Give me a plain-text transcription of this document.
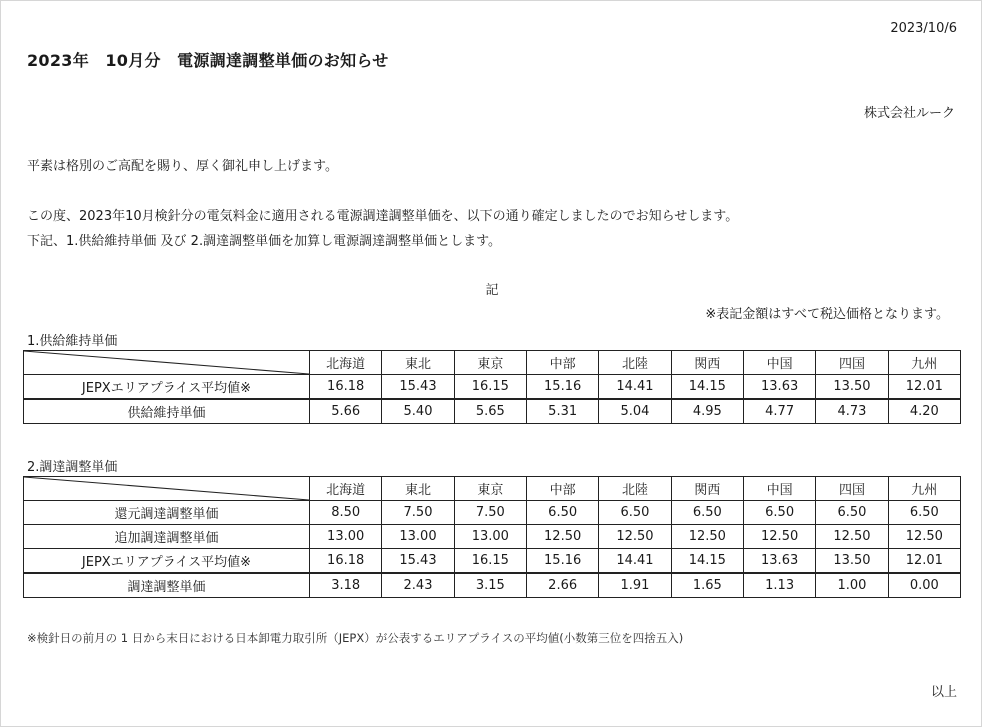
2023/10/6
2023年　10月分　電源調達調整単価のお知らせ
株式会社ルーク
平素は格別のご高配を賜り、厚く御礼申し上げます。
この度、2023年10月検針分の電気料金に適用される電源調達調整単価を、以下の通り確定しましたのでお知らせします。
下記、1.供給維持単価 及び 2.調達調整単価を加算し電源調達調整単価とします。
記
※表記金額はすべて税込価格となります。
1.供給維持単価
	北海道	東北	東京	中部	北陸	関西	中国	四国	九州
JEPXエリアプライス平均値※	16.18	15.43	16.15	15.16	14.41	14.15	13.63	13.50	12.01
供給維持単価	5.66	5.40	5.65	5.31	5.04	4.95	4.77	4.73	4.20
2.調達調整単価
	北海道	東北	東京	中部	北陸	関西	中国	四国	九州
還元調達調整単価	8.50	7.50	7.50	6.50	6.50	6.50	6.50	6.50	6.50
追加調達調整単価	13.00	13.00	13.00	12.50	12.50	12.50	12.50	12.50	12.50
JEPXエリアプライス平均値※	16.18	15.43	16.15	15.16	14.41	14.15	13.63	13.50	12.01
調達調整単価	3.18	2.43	3.15	2.66	1.91	1.65	1.13	1.00	0.00
※検針日の前月の 1 日から末日における日本卸電力取引所（JEPX）が公表するエリアプライスの平均値(小数第三位を四捨五入)
以上
